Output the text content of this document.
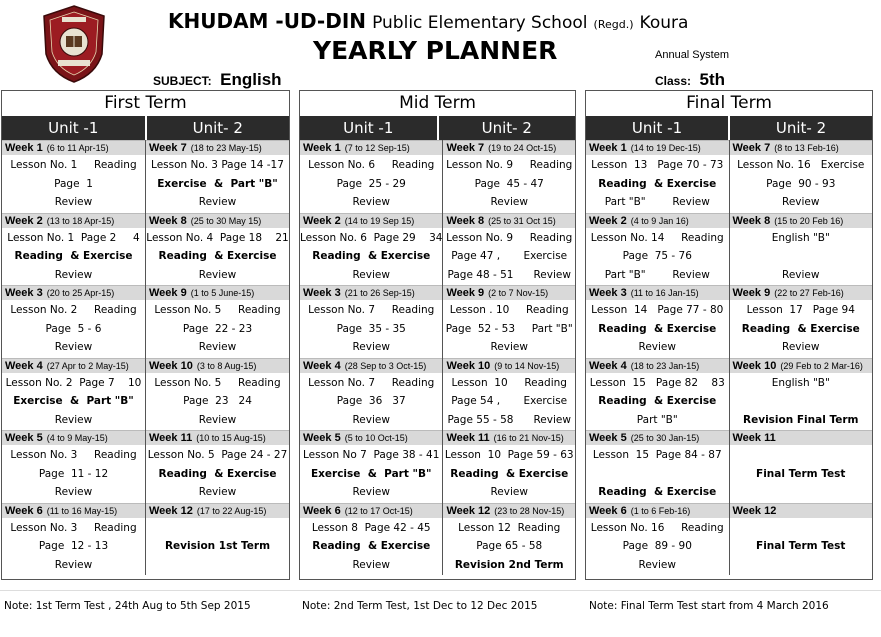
KHUDAM -UD-DIN Public Elementary School (Regd.) Koura
YEARLY PLANNER	Annual System
SUBJECT: English	Class: 5th
First Term
Unit -1	Unit- 2
Week 1 (6 to 11 Apr-15)
Lesson No. 1     Reading
Page  1
Review
Week 2 (13 to 18 Apr-15)
Lesson No. 1  Page 2     4
Reading  & Exercise
Review
Week 3 (20 to 25 Apr-15)
Lesson No. 2     Reading
Page  5 - 6
Review
Week 4 (27 Apr to 2 May-15)
Lesson No. 2  Page 7    10
Exercise  &  Part "B"
Review
Week 5 (4 to 9 May-15)
Lesson No. 3     Reading
Page  11 - 12
Review
Week 6 (11 to 16 May-15)
Lesson No. 3     Reading
Page  12 - 13
Review
Week 7 (18 to 23 May-15)
Lesson No. 3 Page 14 -17
Exercise  &  Part "B"
Review
Week 8 (25 to 30 May 15)
Lesson No. 4  Page 18    21
Reading  & Exercise
Review
Week 9 (1 to 5 June-15)
Lesson No. 5     Reading
Page  22 - 23
Review
Week 10 (3 to 8 Aug-15)
Lesson No. 5     Reading
Page  23   24
Review
Week 11 (10 to 15 Aug-15)
Lesson No. 5  Page 24 - 27
Reading  & Exercise
Review
Week 12 (17 to 22 Aug-15)
Revision 1st Term
Note: 1st Term Test , 24th Aug to 5th Sep 2015
Mid Term
Unit -1	Unit- 2
Week 1 (7 to 12 Sep-15)
Lesson No. 6     Reading
Page  25 - 29
Review
Week 2 (14 to 19 Sep 15)
Lesson No. 6  Page 29    34
Reading  & Exercise
Review
Week 3 (21 to 26 Sep-15)
Lesson No. 7     Reading
Page  35 - 35
Review
Week 4 (28 Sep to 3 Oct-15)
Lesson No. 7     Reading
Page  36   37
Review
Week 5 (5 to 10 Oct-15)
Lesson No 7  Page 38 - 41
Exercise  &  Part "B"
Review
Week 6 (12 to 17 Oct-15)
Lesson 8  Page 42 - 45
Reading  & Exercise
Review
Week 7 (19 to 24 Oct-15)
Lesson No. 9     Reading
Page  45 - 47
Review
Week 8 (25 to 31 Oct 15)
Lesson No. 9     Reading
Page 47 ,       Exercise
Page 48 - 51      Review
Week 9 (2 to 7 Nov-15)
Lesson . 10     Reading
Page  52 - 53     Part "B"
Review
Week 10 (9 to 14 Nov-15)
Lesson  10     Reading
Page 54 ,       Exercise
Page 55 - 58      Review
Week 11 (16 to 21 Nov-15)
Lesson  10  Page 59 - 63
Reading  & Exercise
Review
Week 12 (23 to 28 Nov-15)
Lesson 12  Reading
Page 65 - 58
Revision 2nd Term
Note: 2nd Term Test, 1st Dec to 12 Dec 2015
Final Term
Unit -1	Unit- 2
Week 1 (14 to 19 Dec-15)
Lesson  13   Page 70 - 73
Reading  & Exercise
Part "B"        Review
Week 2 (4 to 9 Jan 16)
Lesson No. 14     Reading
Page  75 - 76
Part "B"        Review
Week 3 (11 to 16 Jan-15)
Lesson  14   Page 77 - 80
Reading  & Exercise
Review
Week 4 (18 to 23 Jan-15)
Lesson  15   Page 82    83
Reading  & Exercise
Part "B"
Week 5 (25 to 30 Jan-15)
Lesson  15  Page 84 - 87
Reading  & Exercise
Week 6 (1 to 6 Feb-16)
Lesson No. 16     Reading
Page  89 - 90
Review
Week 7 (8 to 13 Feb-16)
Lesson No. 16   Exercise
Page  90 - 93
Review
Week 8 (15 to 20 Feb 16)
English "B"
Review
Week 9 (22 to 27 Feb-16)
Lesson  17   Page 94
Reading  & Exercise
Review
Week 10 (29 Feb to 2 Mar-16)
English "B"
Revision Final Term
Week 11
Final Term Test
Week 12
Final Term Test
Note: Final Term Test start from 4 March 2016
